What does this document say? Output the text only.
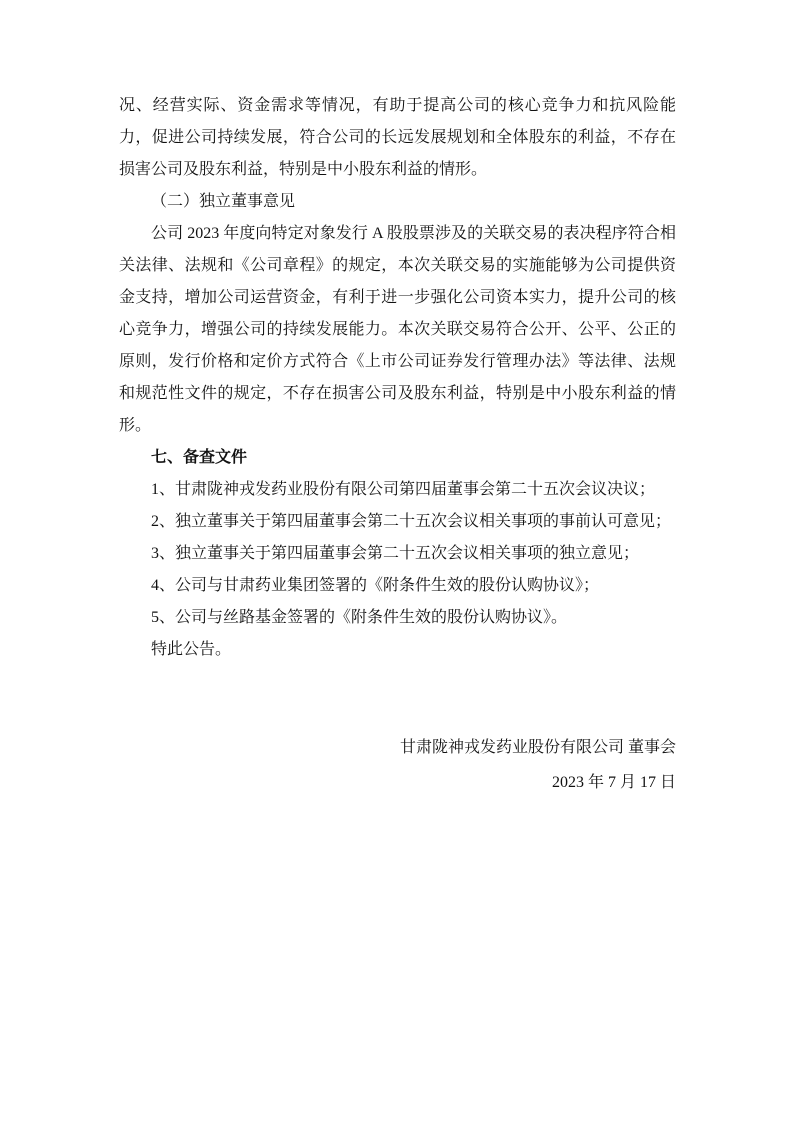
况、经营实际、资金需求等情况，有助于提高公司的核心竞争力和抗风险能力，促进公司持续发展，符合公司的长远发展规划和全体股东的利益，不存在损害公司及股东利益，特别是中小股东利益的情形。

（二）独立董事意见

公司 2023 年度向特定对象发行 A 股股票涉及的关联交易的表决程序符合相关法律、法规和《公司章程》的规定，本次关联交易的实施能够为公司提供资金支持，增加公司运营资金，有利于进一步强化公司资本实力，提升公司的核心竞争力，增强公司的持续发展能力。本次关联交易符合公开、公平、公正的原则，发行价格和定价方式符合《上市公司证券发行管理办法》等法律、法规和规范性文件的规定，不存在损害公司及股东利益，特别是中小股东利益的情形。

七、备查文件

1、甘肃陇神戎发药业股份有限公司第四届董事会第二十五次会议决议；

2、独立董事关于第四届董事会第二十五次会议相关事项的事前认可意见；

3、独立董事关于第四届董事会第二十五次会议相关事项的独立意见；

4、公司与甘肃药业集团签署的《附条件生效的股份认购协议》；

5、公司与丝路基金签署的《附条件生效的股份认购协议》。

特此公告。

甘肃陇神戎发药业股份有限公司 董事会

2023 年 7 月 17 日
